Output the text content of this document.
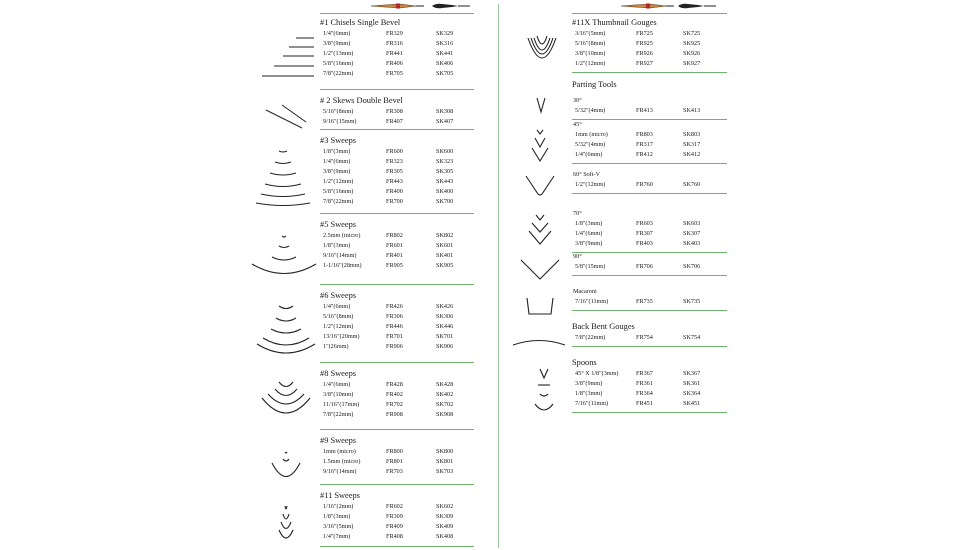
#1 Chisels Single Bevel
1/4"(6mm)	FR329	SK329
3/8"(9mm)	FR316	SK316
1/2"(13mm)	FR441	SK441
5/8"(16mm)	FR406	SK406
7/8"(22mm)	FR705	SK705
# 2 Skews Double Bevel
5/16"(8mm)	FR308	SK308
9/16"(15mm)	FR407	SK407
#3 Sweeps
1/8"(3mm)	FR600	SK600
1/4"(6mm)	FR323	SK323
3/8"(9mm)	FR305	SK305
1/2"(12mm)	FR443	SK443
5/8"(16mm)	FR400	SK400
7/8"(22mm)	FR700	SK700
#5 Sweeps
2.5mm (micro)	FR802	SK802
1/8"(3mm)	FR601	SK601
9/16"(14mm)	FR401	SK401
1-1/16"(28mm)	FR905	SK905
#6 Sweeps
1/4"(6mm)	FR426	SK426
5/16"(8mm)	FR306	SK306
1/2"(12mm)	FR446	SK446
13/16"(20mm)	FR701	SK701
1"(26mm)	FR906	SK906
#8 Sweeps
1/4"(6mm)	FR428	SK428
3/8"(10mm)	FR402	SK402
11/16"(17mm)	FR702	SK702
7/8"(22mm)	FR908	SK908
#9 Sweeps
1mm (micro)	FR800	SK800
1.5mm (micro)	FR801	SK801
9/16"(14mm)	FR703	SK703
#11 Sweeps
1/16"(2mm)	FR602	SK602
1/8"(3mm)	FR309	SK309
3/16"(5mm)	FR409	SK409
1/4"(7mm)	FR408	SK408
#11X Thumbnail Gouges
3/16"(5mm)	FR725	SK725
5/16"(8mm)	FR925	SK925
3/8"(10mm)	FR926	SK926
1/2"(12mm)	FR927	SK927
Parting Tools
30°
5/32"(4mm)	FR413	SK413
45°
1mm (micro)	FR803	SK803
5/32"(4mm)	FR317	SK317
1/4"(6mm)	FR412	SK412
60° Soft-V
1/2"(12mm)	FR760	SK760
70°
1/8"(3mm)	FR603	SK603
1/4"(6mm)	FR307	SK307
3/8"(9mm)	FR403	SK403
90°
5/8"(15mm)	FR706	SK706
Macaroni
7/16"(11mm)	FR735	SK735
Back Bent Gouges
7/8"(22mm)	FR754	SK754
Spoons
45° X 1/8"(3mm)	FR367	SK367
3/8"(9mm)	FR361	SK361
1/8"(3mm)	FR364	SK364
7/16"(11mm)	FR451	SK451
